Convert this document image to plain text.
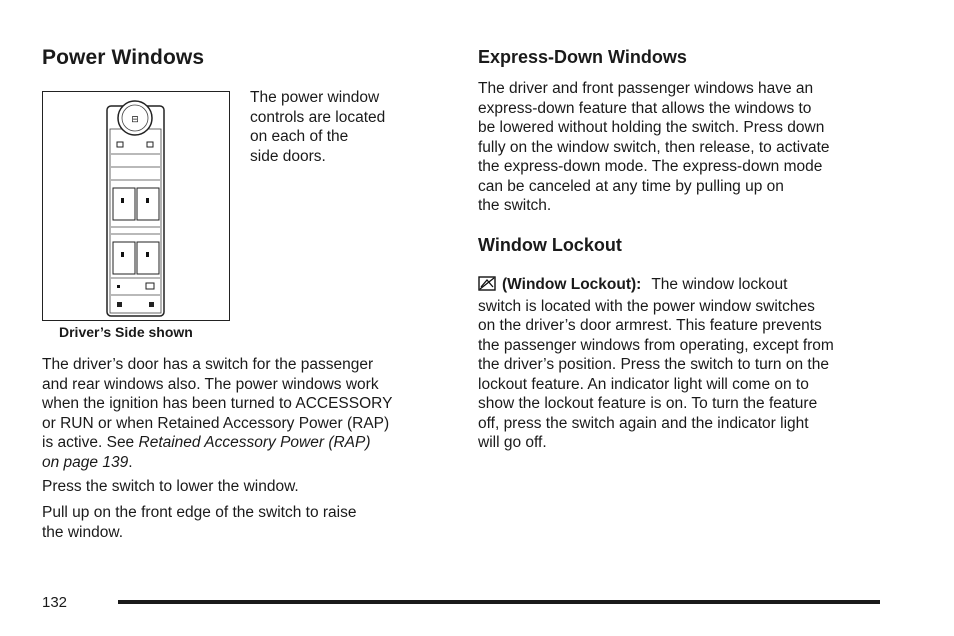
Power Windows
⊟

The power window

controls are located

on each of the

side doors.

Driver’s Side shown

The driver’s door has a switch for the passenger

and rear windows also. The power windows work

when the ignition has been turned to ACCESSORY

or RUN or when Retained Accessory Power (RAP)

is active. See Retained Accessory Power (RAP)

on page 139.

Press the switch to lower the window.

Pull up on the front edge of the switch to raise

the window.

Express-Down Windows

The driver and front passenger windows have an

express-down feature that allows the windows to

be lowered without holding the switch. Press down

fully on the window switch, then release, to activate

the express-down mode. The express-down mode

can be canceled at any time by pulling up on

the switch.

Window Lockout

(Window Lockout): The window lockout

switch is located with the power window switches

on the driver’s door armrest. This feature prevents

the passenger windows from operating, except from

the driver’s position. Press the switch to turn on the

lockout feature. An indicator light will come on to

show the lockout feature is on. To turn the feature

off, press the switch again and the indicator light

will go off.

132
